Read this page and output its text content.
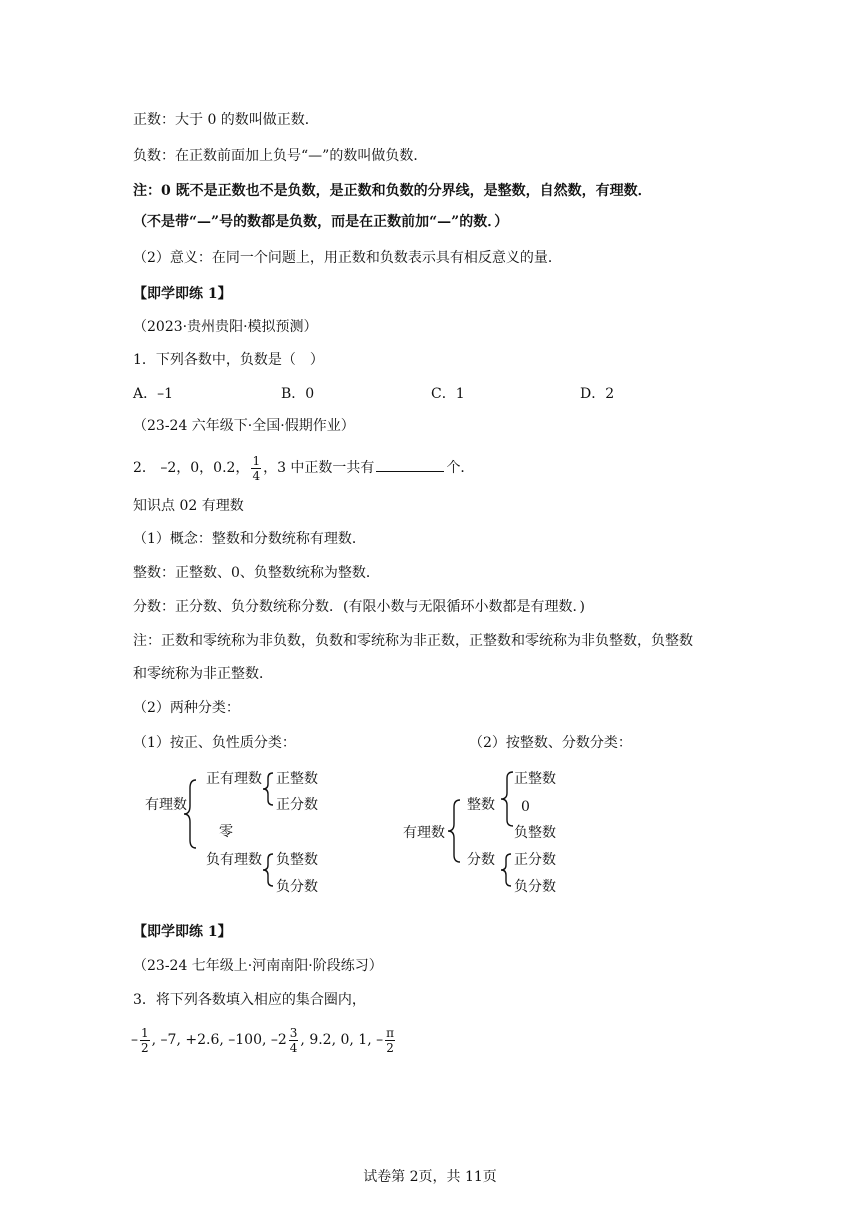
正数：大于 0 的数叫做正数．
负数：在正数前面加上负号“—”的数叫做负数．
注：0 既不是正数也不是负数，是正数和负数的分界线，是整数，自然数，有理数．
（不是带“—”号的数都是负数，而是在正数前加“—”的数．）
（2）意义：在同一个问题上，用正数和负数表示具有相反意义的量．
【即学即练 1】
（2023·贵州贵阳·模拟预测）
1．下列各数中，负数是（　）
A．–1	B．0	C．1	D．2
（23-24 六年级下·全国·假期作业）
2． –2，0，0.2， $\frac{1}{4}$ ，3 中正数一共有	个．
知识点 02 有理数
（1）概念：整数和分数统称有理数．
整数：正整数、0、负整数统称为整数．
分数：正分数、负分数统称分数．(有限小数与无限循环小数都是有理数．)
注：正数和零统称为非负数，负数和零统称为非正数，正整数和零统称为非负整数，负整数
和零统称为非正整数．
（2）两种分类：
（1）按正、负性质分类：	（2）按整数、分数分类：
有理数
正有理数
零
负有理数
正整数
正分数
负整数
负分数
有理数
整数
分数
正整数
0
负整数
正分数
负分数
【即学即练 1】
（23-24 七年级上·河南南阳·阶段练习）
3．将下列各数填入相应的集合圈内，
– $\frac{1}{2}$ , –7, +2.6, –100, $-2 \frac{3}{4}$ , 9.2, 0, 1, – $\frac{\pi}{2}$
试卷第 2页，共 11页
